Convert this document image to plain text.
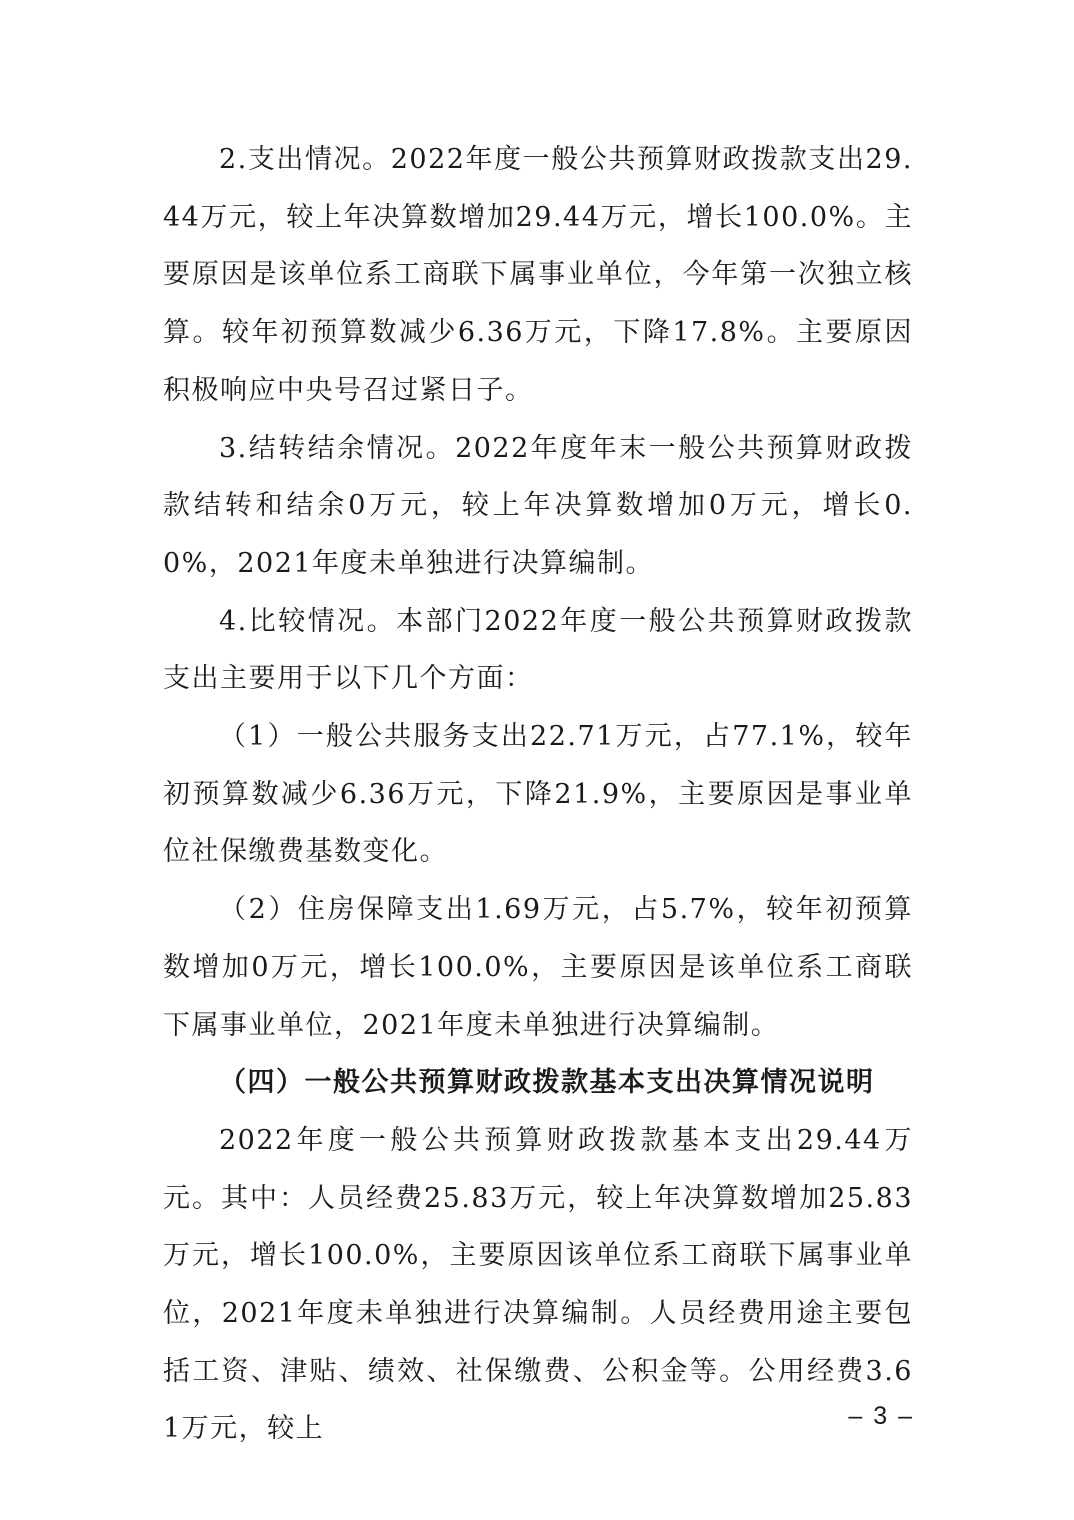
2.支出情况。2022年度一般公共预算财政拨款支出29.44万元，较上年决算数增加29.44万元，增长100.0%。主要原因是该单位系工商联下属事业单位，今年第一次独立核算。较年初预算数减少6.36万元，下降17.8%。主要原因积极响应中央号召过紧日子。

3.结转结余情况。2022年度年末一般公共预算财政拨款结转和结余0万元，较上年决算数增加0万元，增长0.0%，2021年度未单独进行决算编制。

4.比较情况。本部门2022年度一般公共预算财政拨款支出主要用于以下几个方面：

（1）一般公共服务支出22.71万元，占77.1%，较年初预算数减少6.36万元，下降21.9%，主要原因是事业单位社保缴费基数变化。

（2）住房保障支出1.69万元，占5.7%，较年初预算数增加0万元，增长100.0%，主要原因是该单位系工商联下属事业单位，2021年度未单独进行决算编制。

（四）一般公共预算财政拨款基本支出决算情况说明

2022年度一般公共预算财政拨款基本支出29.44万元。其中：人员经费25.83万元，较上年决算数增加25.83万元，增长100.0%，主要原因该单位系工商联下属事业单位，2021年度未单独进行决算编制。人员经费用途主要包括工资、津贴、绩效、社保缴费、公积金等。公用经费3.61万元，较上	– 3 –
